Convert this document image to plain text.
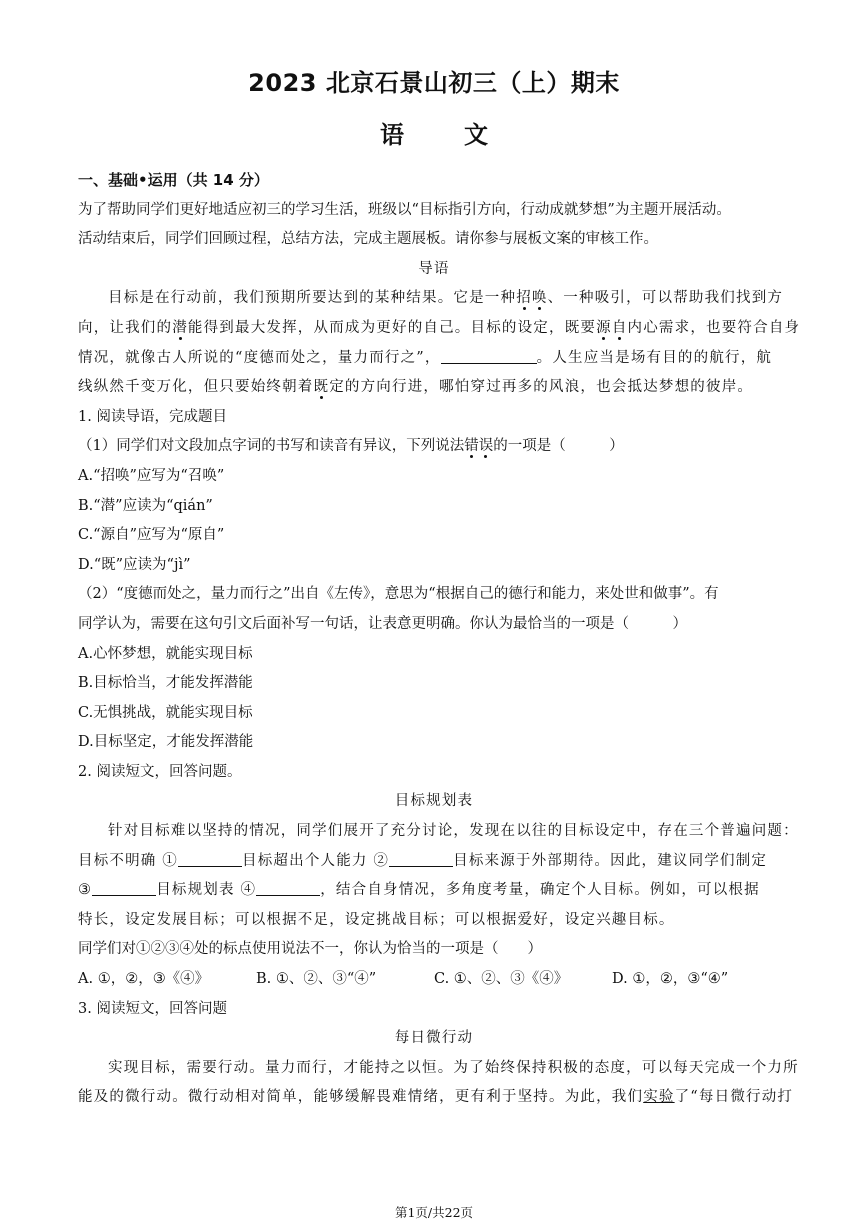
2023 北京石景山初三（上）期末
语文
一、基础•运用（共 14 分）
为了帮助同学们更好地适应初三的学习生活，班级以“目标指引方向，行动成就梦想”为主题开展活动。
活动结束后，同学们回顾过程，总结方法，完成主题展板。请你参与展板文案的审核工作。
导语
目标是在行动前，我们预期所要达到的某种结果。它是一种招唤、一种吸引，可以帮助我们找到方
向，让我们的潜能得到最大发挥，从而成为更好的自己。目标的设定，既要源自内心需求，也要符合自身
情况，就像古人所说的“度德而处之，量力而行之”，	。人生应当是场有目的的航行，航
线纵然千变万化，但只要始终朝着既定的方向行进，哪怕穿过再多的风浪，也会抵达梦想的彼岸。
1. 阅读导语，完成题目
（1）同学们对文段加点字词的书写和读音有异议，下列说法错误的一项是（　　　）
A.“招唤”应写为“召唤”
B.“潜”应读为“qián”
C.“源自”应写为“原自”
D.“既”应读为“jì”
（2）“度德而处之，量力而行之”出自《左传》，意思为“根据自己的德行和能力，来处世和做事”。有
同学认为，需要在这句引文后面补写一句话，让表意更明确。你认为最恰当的一项是（　　　）
A.心怀梦想，就能实现目标
B.目标恰当，才能发挥潜能
C.无惧挑战，就能实现目标
D.目标坚定，才能发挥潜能
2. 阅读短文，回答问题。
目标规划表
针对目标难以坚持的情况，同学们展开了充分讨论，发现在以往的目标设定中，存在三个普遍问题：
目标不明确 ①	目标超出个人能力 ②	目标来源于外部期待。因此，建议同学们制定
③	目标规划表 ④	，结合自身情况，多角度考量，确定个人目标。例如，可以根据
特长，设定发展目标；可以根据不足，设定挑战目标；可以根据爱好，设定兴趣目标。
同学们对①②③④处的标点使用说法不一，你认为恰当的一项是（　　）
A. ①，②，③《④》	B. ①、②、③“④”	C. ①、②、③《④》	D. ①，②，③“④”
3. 阅读短文，回答问题
每日微行动
实现目标，需要行动。量力而行，才能持之以恒。为了始终保持积极的态度，可以每天完成一个力所
能及的微行动。微行动相对简单，能够缓解畏难情绪，更有利于坚持。为此，我们实验了“每日微行动打
第1页/共22页
